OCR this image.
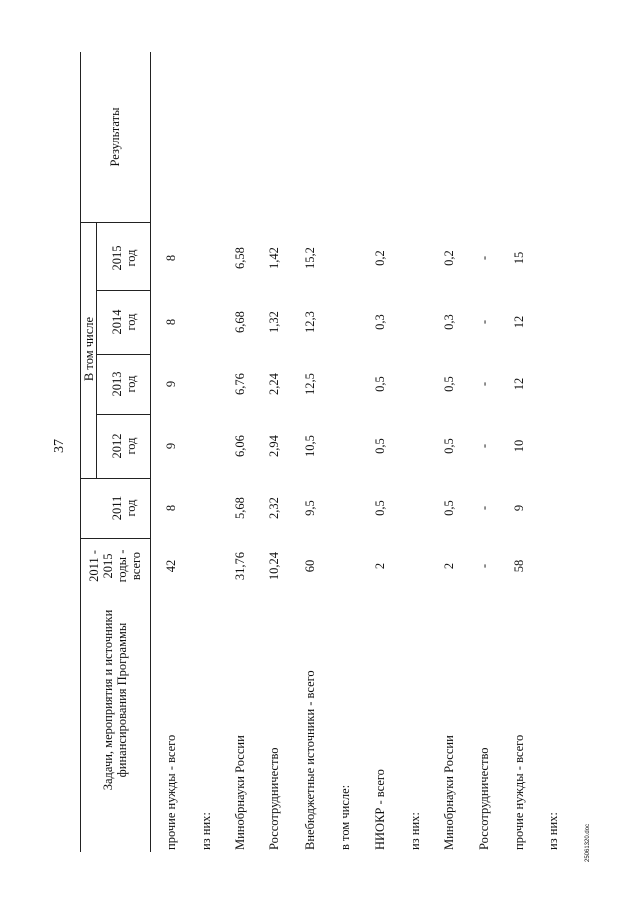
37
25061320.doc
Задачи, мероприятия и источники
финансирования Программы
2011 -
2015
годы -
всего
В том числе
2011
год
2012
год
2013
год
2014
год
2015
год
Результаты
прочие нужды - всего
42
8
9
9
8
8
из них: Минобрнауки России
31,76
5,68
6,06
6,76
6,68
6,58
Россотрудничество
10,24
2,32
2,94
2,24
1,32
1,42
Внебюджетные источники - всего
60
9,5
10,5
12,5
12,3
15,2
в том числе: НИОКР - всего
2
0,5
0,5
0,5
0,3
0,2
из них: Минобрнауки России
2
0,5
0,5
0,5
0,3
0,2
Россотрудничество
-
-
-
-
-
-
прочие нужды - всего
58
9
10
12
12
15
из них:
